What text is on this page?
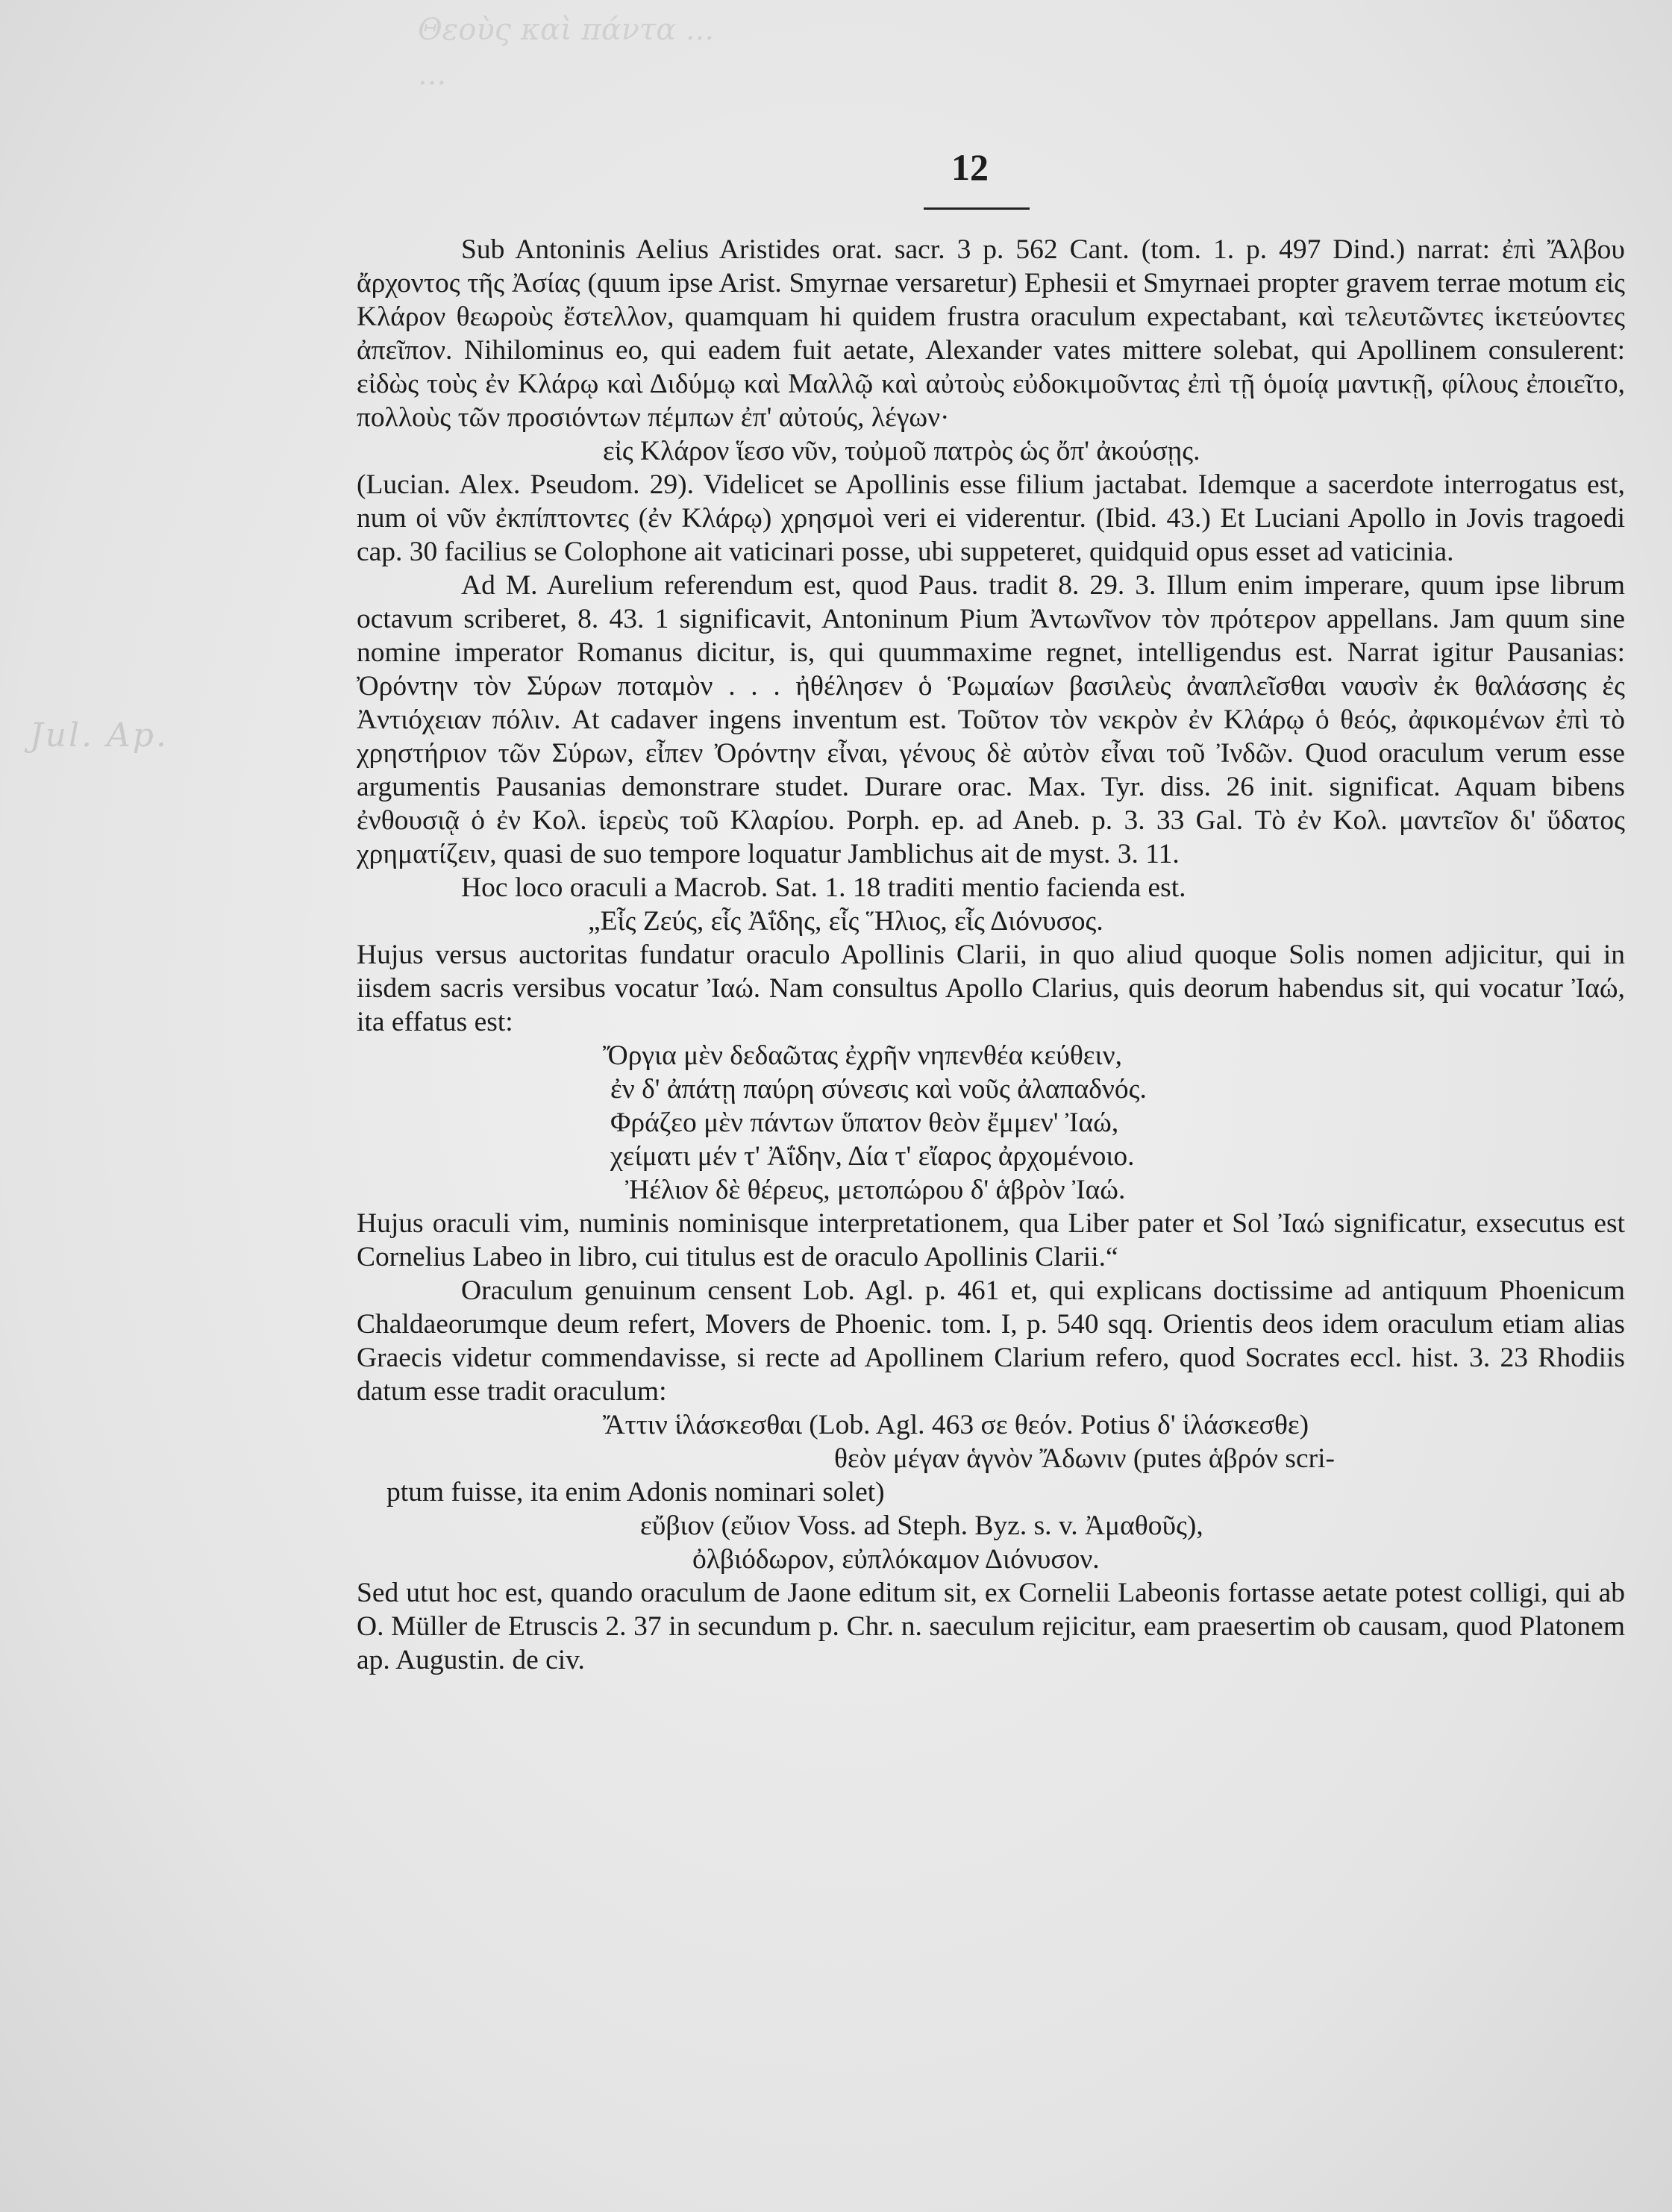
Θεοὺς καὶ πάντα ...
...
Jul. Ap.
12

Sub Antoninis Aelius Aristides orat. sacr. 3 p. 562 Cant. (tom. 1. p. 497 Dind.) narrat: ἐπὶ Ἄλβου ἄρχοντος τῆς Ἀσίας (quum ipse Arist. Smyrnae versaretur) Ephesii et Smyrnaei propter gravem terrae motum εἰς Κλάρον θεωροὺς ἔστελλον, quamquam hi quidem frustra oraculum expectabant, καὶ τελευτῶντες ἱκετεύοντες ἀπεῖπον. Nihilominus eo, qui eadem fuit aetate, Alexander vates mittere solebat, qui Apollinem consulerent: εἰδὼς τοὺς ἐν Κλάρῳ καὶ Διδύμῳ καὶ Μαλλῷ καὶ αὐτοὺς εὐδοκιμοῦντας ἐπὶ τῇ ὁμοίᾳ μαντικῇ, φίλους ἐποιεῖτο, πολλοὺς τῶν προσιόντων πέμπων ἐπ' αὐτούς, λέγων·

εἰς Κλάρον ἵεσο νῦν, τοὐμοῦ πατρὸς ὡς ὄπ' ἀκούσῃς.

(Lucian. Alex. Pseudom. 29). Videlicet se Apollinis esse filium jactabat. Idemque a sacerdote interrogatus est, num οἱ νῦν ἐκπίπτοντες (ἐν Κλάρῳ) χρησμοὶ veri ei viderentur. (Ibid. 43.) Et Luciani Apollo in Jovis tragoedi cap. 30 facilius se Colophone ait vaticinari posse, ubi suppeteret, quidquid opus esset ad vaticinia.

Ad M. Aurelium referendum est, quod Paus. tradit 8. 29. 3. Illum enim imperare, quum ipse librum octavum scriberet, 8. 43. 1 significavit, Antoninum Pium Ἀντωνῖνον τὸν πρότερον appellans. Jam quum sine nomine imperator Romanus dicitur, is, qui quummaxime regnet, intelligendus est. Narrat igitur Pausanias: Ὀρόντην τὸν Σύρων ποταμὸν . . . ἠθέλησεν ὁ Ῥωμαίων βασιλεὺς ἀναπλεῖσθαι ναυσὶν ἐκ θαλάσσης ἐς Ἀντιόχειαν πόλιν. At cadaver ingens inventum est. Τοῦτον τὸν νεκρὸν ἐν Κλάρῳ ὁ θεός, ἀφικομένων ἐπὶ τὸ χρηστήριον τῶν Σύρων, εἶπεν Ὀρόντην εἶναι, γένους δὲ αὐτὸν εἶναι τοῦ Ἰνδῶν. Quod oraculum verum esse argumentis Pausanias demonstrare studet. Durare orac. Max. Tyr. diss. 26 init. significat. Aquam bibens ἐνθουσιᾷ ὁ ἐν Κολ. ἱερεὺς τοῦ Κλαρίου. Porph. ep. ad Aneb. p. 3. 33 Gal. Τὸ ἐν Κολ. μαντεῖον δι' ὕδατος χρηματίζειν, quasi de suo tempore loquatur Jamblichus ait de myst. 3. 11.

Hoc loco oraculi a Macrob. Sat. 1. 18 traditi mentio facienda est.

„Εἷς Ζεύς, εἷς Ἀΐδης, εἷς Ἥλιος, εἷς Διόνυσος.

Hujus versus auctoritas fundatur oraculo Apollinis Clarii, in quo aliud quoque Solis nomen adjicitur, qui in iisdem sacris versibus vocatur Ἰαώ. Nam consultus Apollo Clarius, quis deorum habendus sit, qui vocatur Ἰαώ, ita effatus est:

Ὄργια μὲν δεδαῶτας ἐχρῆν νηπενθέα κεύθειν,
ἐν δ' ἀπάτῃ παύρη σύνεσις καὶ νοῦς ἀλαπαδνός.
Φράζεο μὲν πάντων ὕπατον θεὸν ἔμμεν' Ἰαώ,
χείματι μέν τ' Ἀΐδην, Δία τ' εἴαρος ἀρχομένοιο.
Ἠέλιον δὲ θέρευς, μετοπώρου δ' ἁβρὸν Ἰαώ.

Hujus oraculi vim, numinis nominisque interpretationem, qua Liber pater et Sol Ἰαώ significatur, exsecutus est Cornelius Labeo in libro, cui titulus est de oraculo Apollinis Clarii.“

Oraculum genuinum censent Lob. Agl. p. 461 et, qui explicans doctissime ad antiquum Phoenicum Chaldaeorumque deum refert, Movers de Phoenic. tom. I, p. 540 sqq. Orientis deos idem oraculum etiam alias Graecis videtur commendavisse, si recte ad Apollinem Clarium refero, quod Socrates eccl. hist. 3. 23 Rhodiis datum esse tradit oraculum:

Ἄττιν ἱλάσκεσθαι (Lob. Agl. 463 σε θεόν. Potius δ' ἱλάσκεσθε)
θεὸν μέγαν ἁγνὸν Ἄδωνιν (putes ἁβρόν scri-
ptum fuisse, ita enim Adonis nominari solet)
εὔβιον (εὔιον Voss. ad Steph. Byz. s. v. Ἀμαθοῦς),
ὀλβιόδωρον, εὐπλόκαμον Διόνυσον.

Sed utut hoc est, quando oraculum de Jaone editum sit, ex Cornelii Labeonis fortasse aetate potest colligi, qui ab O. Müller de Etruscis 2. 37 in secundum p. Chr. n. saeculum rejicitur, eam praesertim ob causam, quod Platonem ap. Augustin. de civ.
